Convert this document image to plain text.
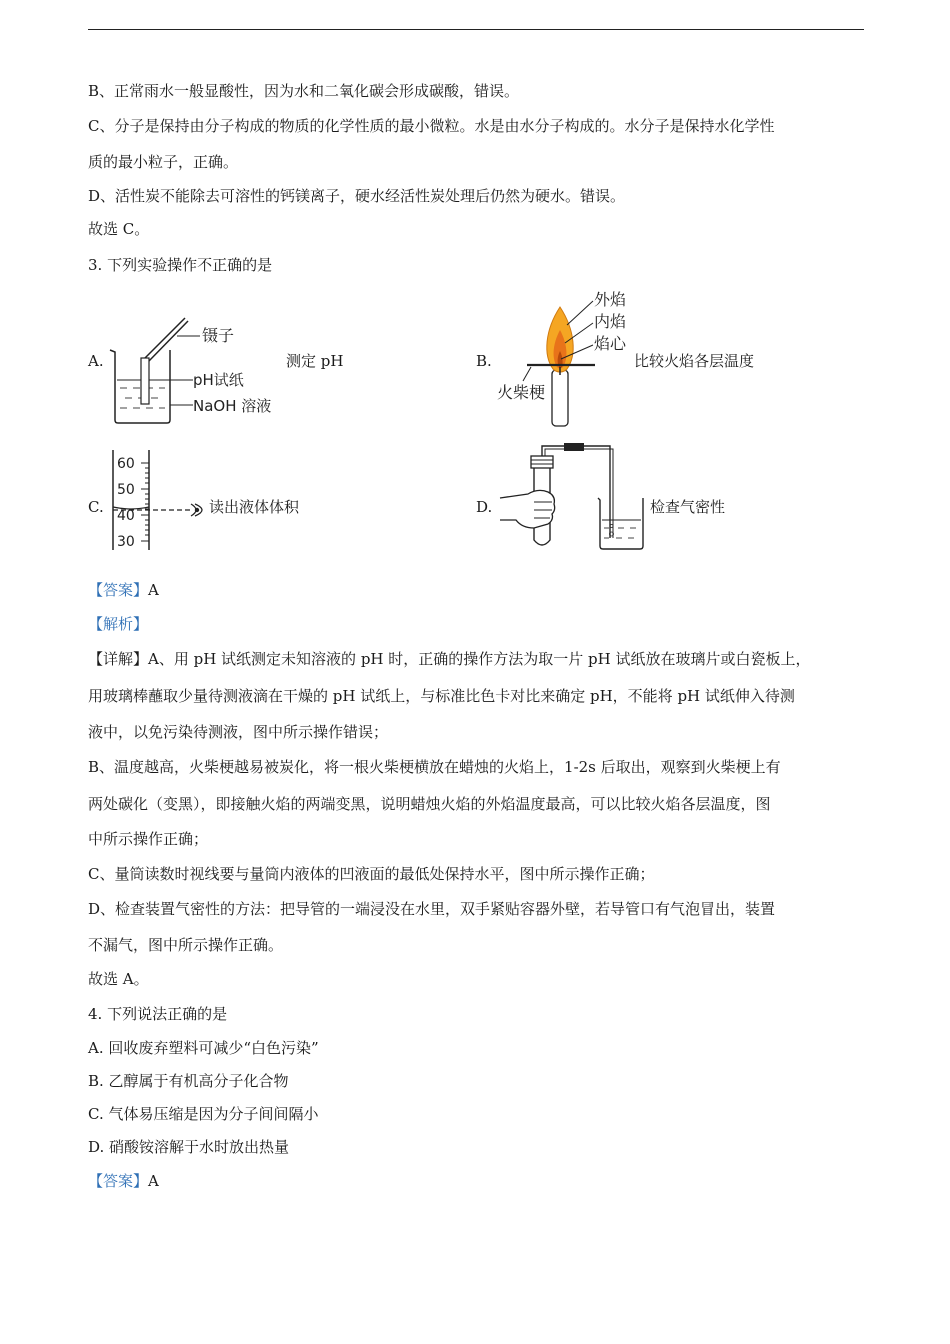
B、正常雨水一般显酸性，因为水和二氧化碳会形成碳酸，错误。
C、分子是保持由分子构成的物质的化学性质的最小微粒。水是由水分子构成的。水分子是保持水化学性
质的最小粒子，正确。
D、活性炭不能除去可溶性的钙镁离子，硬水经活性炭处理后仍然为硬水。错误。
故选 C。
3. 下列实验操作不正确的是
A.
镊子
pH试纸
NaOH 溶液
测定 pH	B.
外焰
内焰
焰心
火柴梗
比较火焰各层温度
C.
60
50
40
30
读出液体体积	D.	检查气密性
【答案】A
【解析】
【详解】A、用 pH 试纸测定未知溶液的 pH 时，正确的操作方法为取一片 pH 试纸放在玻璃片或白瓷板上，
用玻璃棒蘸取少量待测液滴在干燥的 pH 试纸上，与标准比色卡对比来确定 pH，不能将 pH 试纸伸入待测
液中，以免污染待测液，图中所示操作错误；
B、温度越高，火柴梗越易被炭化，将一根火柴梗横放在蜡烛的火焰上，1-2s 后取出，观察到火柴梗上有
两处碳化（变黑），即接触火焰的两端变黑，说明蜡烛火焰的外焰温度最高，可以比较火焰各层温度，图
中所示操作正确；
C、量筒读数时视线要与量筒内液体的凹液面的最低处保持水平，图中所示操作正确；
D、检查装置气密性的方法：把导管的一端浸没在水里，双手紧贴容器外壁，若导管口有气泡冒出，装置
不漏气，图中所示操作正确。
故选 A。
4. 下列说法正确的是
A. 回收废弃塑料可减少“白色污染”
B. 乙醇属于有机高分子化合物
C. 气体易压缩是因为分子间间隔小
D. 硝酸铵溶解于水时放出热量
【答案】A
